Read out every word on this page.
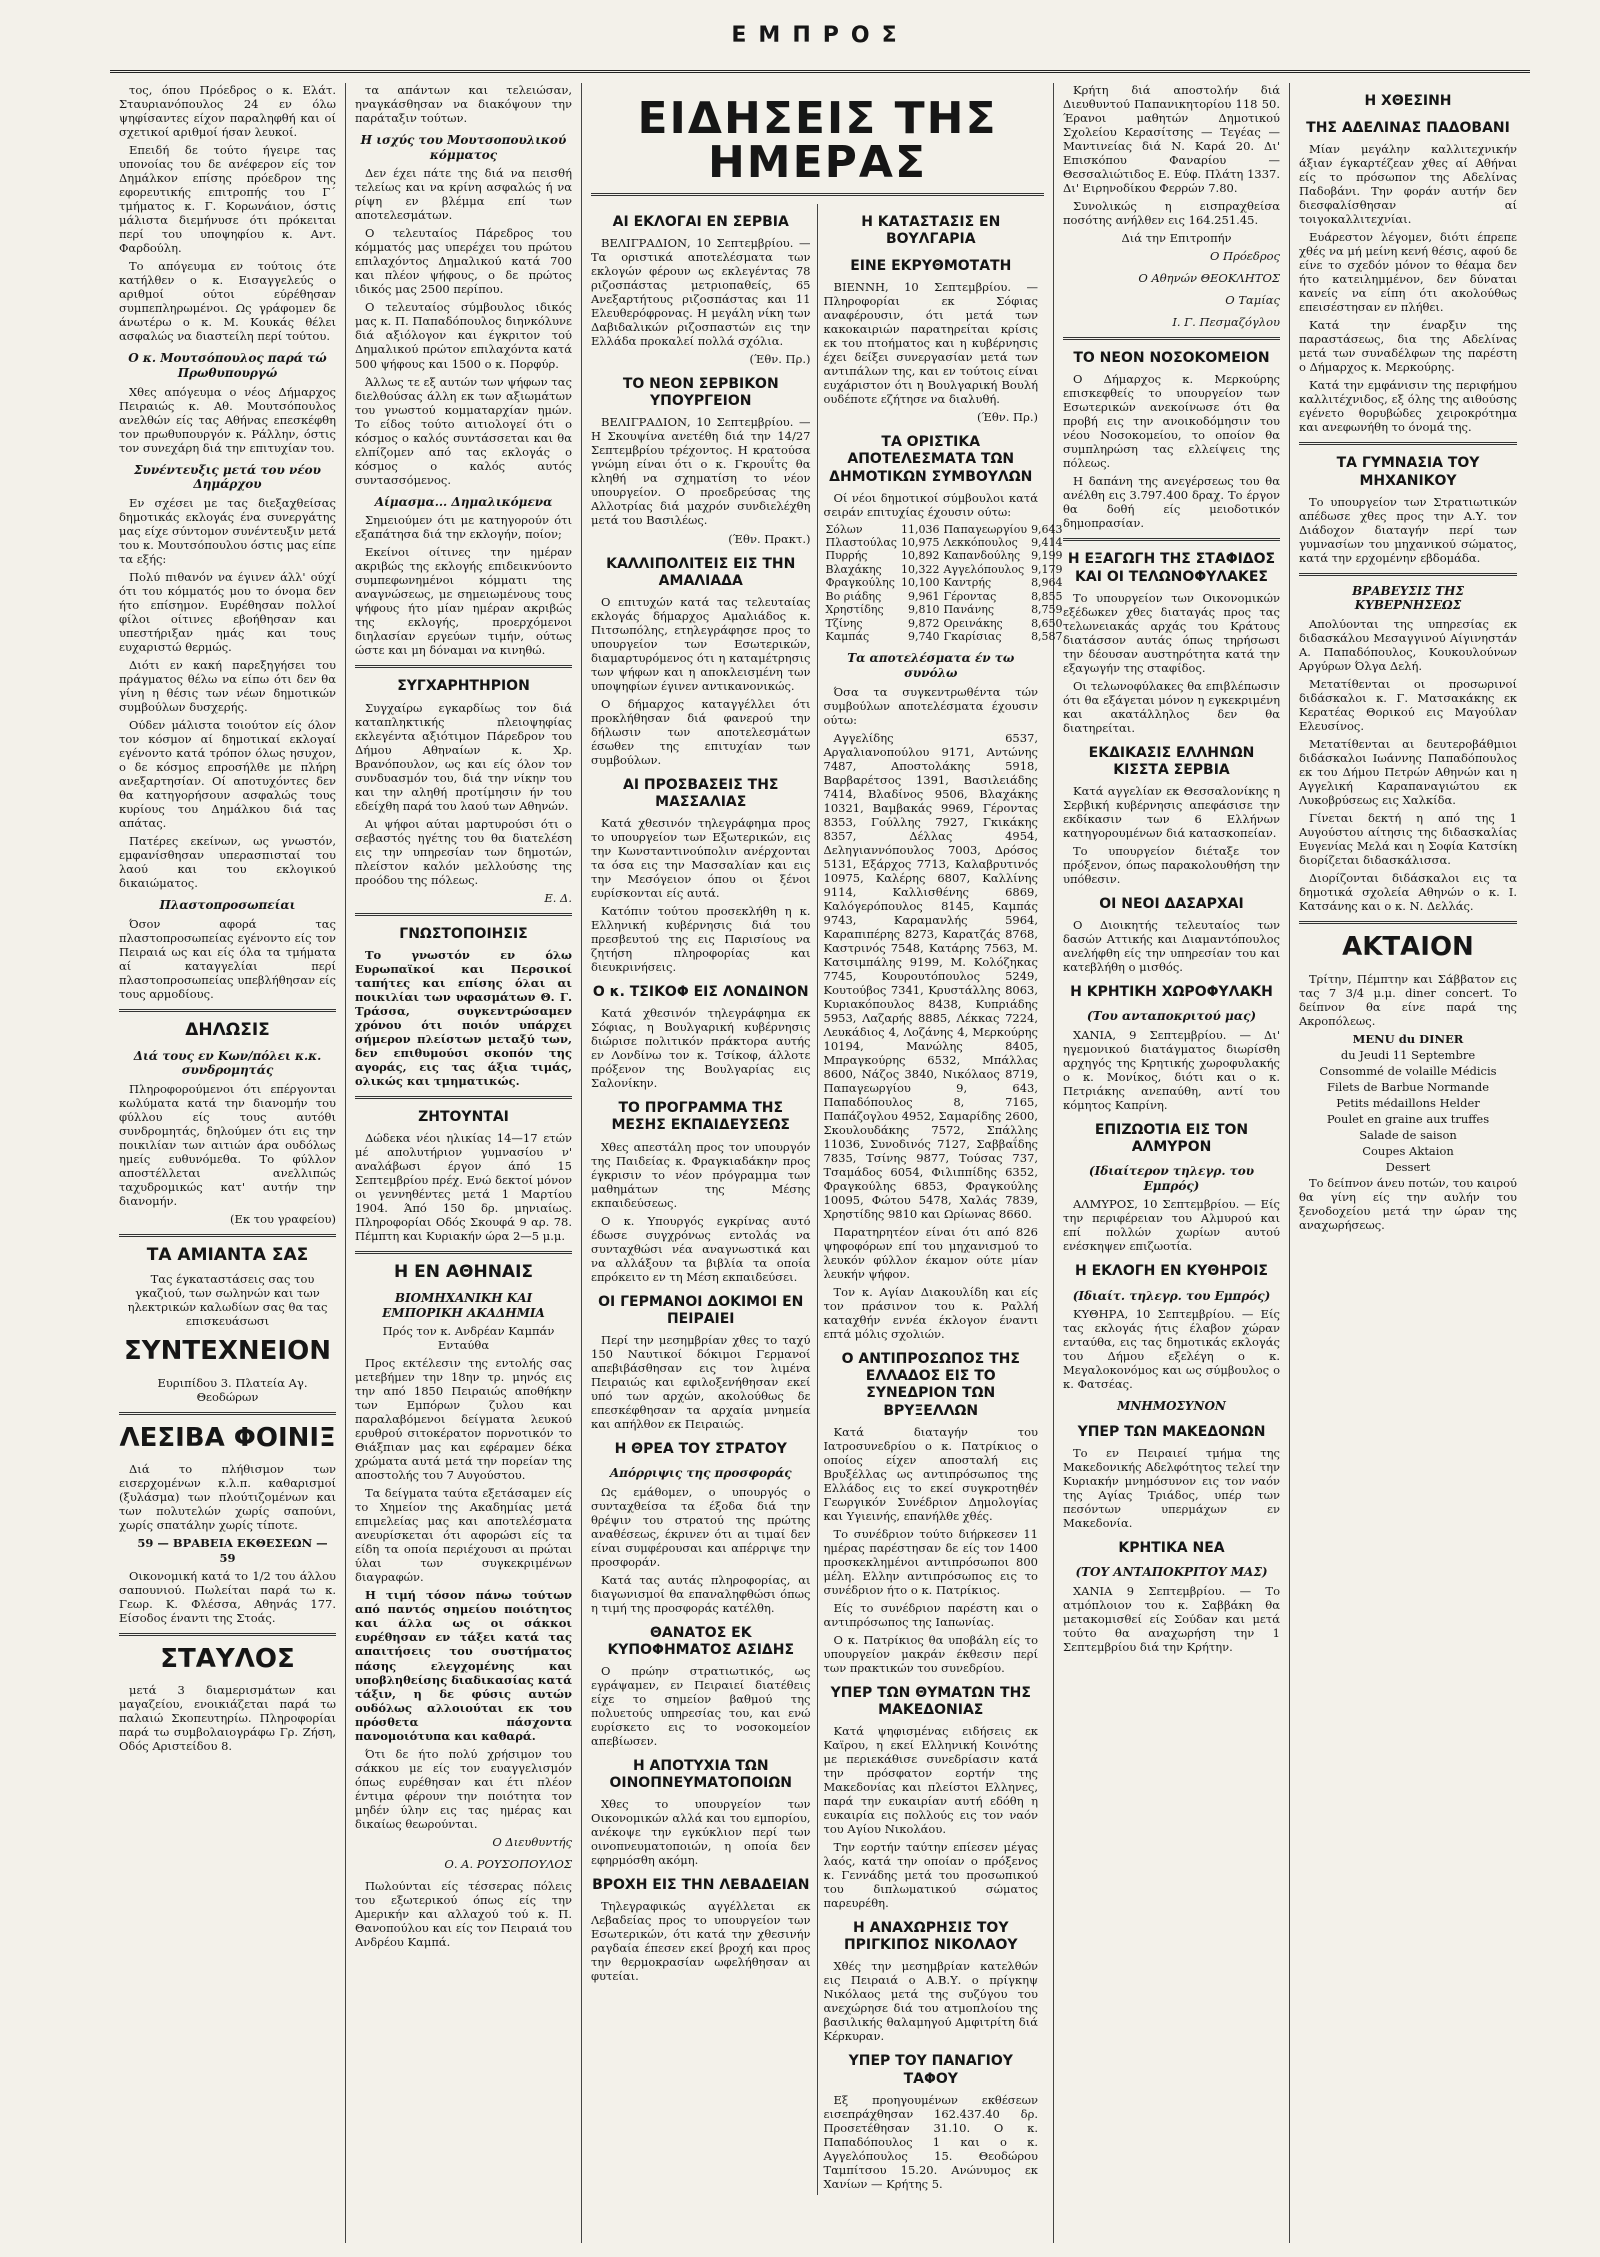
ΕΜΠΡΟΣ

τος, όπου Πρόεδρος ο κ. Ελάτ. Σταυριανόπουλος 24 εν όλω ψηφίσαντες είχον παραληφθή και οί σχετικοί αριθμοί ήσαν λευκοί.

Επειδή δε τούτο ήγειρε τας υπονοίας του δε ανέφερον είς τον Δημάλκον επίσης πρόεδρον της εφορευτικής επιτροπής του Γ΄ τμήματος κ. Γ. Κορωνάιον, όστις μάλιστα διεμήνυσε ότι πρόκειται περί του υποψηφίου κ. Αντ. Φαρδούλη.

Το απόγευμα εν τούτοις ότε κατήλθεν ο κ. Εισαγγελεύς ο αριθμοί ούτοι εύρέθησαν συμπεπληρωμένοι. Ως γράφομεν δε άνωτέρω ο κ. Μ. Κουκάς θέλει ασφαλώς να διαστείλη περί τούτου.

Ο κ. Μουτσόπουλος παρά τώ Πρωθυπουργώ

Χθες απόγευμα ο νέος Δήμαρχος Πειραιώς κ. Αθ. Μουτσόπουλος ανελθών είς τας Αθήνας επεσκέφθη τον πρωθυπουργόν κ. Ράλλην, όστις τον συνεχάρη διά την επιτυχίαν του.

Συνέντευξις μετά του νέου Δημάρχου

Εν σχέσει με τας διεξαχθείσας δημοτικάς εκλογάς ένα συνεργάτης μας είχε σύντομον συνέντευξιν μετά του κ. Μουτσόπουλου όστις μας είπε τα εξής:

Πολύ πιθανόν να έγινεν άλλ' ούχί ότι του κόμματός μου το όνομα δεν ήτο επίσημον. Ευρέθησαν πολλοί φίλοι οίτινες εβοήθησαν και υπεστήριξαν ημάς και τους ευχαριστώ θερμώς.

Διότι εν κακή παρεξηγήσει του πράγματος θέλω να είπω ότι δεν θα γίνη η θέσις των νέων δημοτικών συμβούλων δυσχερής.

Ούδεν μάλιστα τοιούτον είς όλον τον κόσμον αί δημοτικαί εκλογαί εγένοντο κατά τρόπον όλως ησυχον, ο δε κόσμος επροσήλθε με πλήρη ανεξαρτησίαν. Οί αποτυχόντες δεν θα κατηγορήσουν ασφαλώς τους κυρίους του Δημάλκου διά τας απάτας.

Πατέρες εκείνων, ως γνωστόν, εμφανίσθησαν υπερασπισταί του λαού και του εκλογικού δικαιώματος.

Πλαστοπροσωπείαι

Όσον αφορά τας πλαστοπροσωπείας εγένοντο είς τον Πειραιά ως και είς όλα τα τμήματα αί καταγγελίαι περί πλαστοπροσωπείας υπεβλήθησαν είς τους αρμοδίους.

ΔΗΛΩΣΙΣ
Διά τους εν Κων/πόλει κ.κ. συνδρομητάς

Πληροφορούμενοι ότι επέργονται κωλύματα κατά την διανομήν του φύλλου είς τους αυτόθι συνδρομητάς, δηλούμεν ότι εις την ποικιλίαν των αιτιών άρα ουδόλως ημείς ευθυνόμεθα. Το φύλλον αποστέλλεται ανελλιπώς ταχυδρομικώς κατ' αυτήν την διανομήν.

(Εκ του γραφείου)
ΤΑ ΑΜΙΑΝΤΑ ΣΑΣ

Τας έγκαταστάσεις σας του γκαζιού, των σωληνών και των ηλεκτρικών καλωδίων σας θα τας επισκευάσωσι

ΣΥΝΤΕΧΝΕΙΟΝ

Ευριπίδου 3. Πλατεία Αγ. Θεοδώρων

ΛΕΣΙΒΑ ΦΟΙΝΙΞ

Διά το πλήθισμον των εισερχομένων κ.λ.π. καθαρισμοί (ξυλάσμα) των πλούτιζομένων και των πολυτελών χωρίς σαπούνι, χωρίς σπατάλην χωρίς τίποτε.

59 — ΒΡΑΒΕΙΑ ΕΚΘΕΣΕΩΝ — 59

Οικονομική κατά το 1/2 του άλλου σαπουνιού. Πωλείται παρά τω κ. Γεωρ. Κ. Φλέσσα, Αθηνάς 177. Είσοδος έναντι της Στοάς.

ΣΤΑΥΛΟΣ

μετά 3 διαμερισμάτων και μαγαζείου, ενοικιάζεται παρά τω παλαιώ Σκοπευτηρίω. Πληροφορίαι παρά τω συμβολαιογράφω Γρ. Ζήση, Οδός Αριστείδου 8.

τα απάντων και τελειώσαν, ηναγκάσθησαν να διακόψουν την παράταξιν τούτων.

Η ισχύς του Μουτσοπουλικού κόμματος

Δεν έχει πάτε της διά να πεισθή τελείως και να κρίνη ασφαλώς ή να ρίψη εν βλέμμα επί των αποτελεσμάτων.

Ο τελευταίος Πάρεδρος του κόμματός μας υπερέχει του πρώτου επιλαχόντος Δημαλικού κατά 700 και πλέον ψήφους, ο δε πρώτος ιδικός μας 2500 περίπου.

Ο τελευταίος σύμβουλος ιδικός μας κ. Π. Παπαδόπουλος διηνκόλυνε διά αξιόλογον και έγκριτον τού Δημαλικού πρώτον επιλαχόντα κατά 500 ψήφους και 1500 ο κ. Πορφύρ.

Άλλως τε εξ αυτών των ψήφων τας διελθούσας άλλη εκ των αξιωμάτων του γνωστού κομματαρχίαν ημών. Το είδος τούτο αιτιολογεί ότι ο κόσμος ο καλός συντάσσεται και θα ελπίζομεν από τας εκλογάς ο κόσμος ο καλός αυτός συντασσόμενος.

Αίμασμα... Δημαλικόμενα

Σημειούμεν ότι με κατηγορούν ότι εξαπάτησα διά την εκλογήν, ποίον;

Εκείνοι οίτινες την ημέραν ακριβώς της εκλογής επιδεικνύοντο συμπεφωνημένοι κόμματι της αναγνώσεως, με σημειωμένους τους ψήφους ήτο μίαν ημέραν ακριβώς της εκλογής, προερχόμενοι διηλασίαν εργεύων τιμήν, ούτως ώστε και μη δόναμαι να κινηθώ.

ΣΥΓΧΑΡΗΤΗΡΙΟΝ

Συγχαίρω εγκαρδίως τον διά καταπληκτικής πλειοψηφίας εκλεγέντα αξιότιμον Πάρεδρον του Δήμου Αθηναίων κ. Χρ. Βρανόπουλον, ως και είς όλον τον συνδυασμόν του, διά την νίκην του και την αληθή προτίμησιν ήν του εδείχθη παρά του λαού των Αθηνών.

Αι ψήφοι αύται μαρτυρούσι ότι ο σεβαστός ηγέτης του θα διατελέση εις την υπηρεσίαν των δημοτών, πλείστον καλόν μελλούσης της προόδου της πόλεως.

Ε. Δ.
ΓΝΩΣΤΟΠΟΙΗΣΙΣ

Το γνωστόν εν όλω Ευρωπαϊκοί και Περσικοί ταπήτες και επίσης όλαι αι ποικιλίαι των υφασμάτων Θ. Γ. Τράσσα, συγκεντρώσαμεν χρόνου ότι ποιόν υπάρχει σήμερον πλείστων μεταξύ των, δεν επιθυμούσι σκοπόν της αγοράς, εις τας άξια τιμάς, ολικώς και τμηματικώς.

ΖΗΤΟΥΝΤΑΙ

Δώδεκα νέοι ηλικίας 14—17 ετών μέ απολυτήριον γυμνασίου ν' αναλάβωσι έργον άπό 15 Σεπτεμβρίου πρέχ. Ενώ δεκτοί μόνον οι γεννηθέντες μετά 1 Μαρτίου 1904. Άπό 150 δρ. μηνιαίως. Πληροφορίαι Οδός Σκουφά 9 αρ. 78. Πέμπτη και Κυριακήν ώρα 2—5 μ.μ.

Η ΕΝ ΑΘΗΝΑΙΣ
ΒΙΟΜΗΧΑΝΙΚΗ ΚΑΙ ΕΜΠΟΡΙΚΗ ΑΚΑΔΗΜΙΑ

Πρός τον κ. Ανδρέαν Καμπάν Ενταύθα

Προς εκτέλεσιν της εντολής σας μετεβήμεν την 18ην τρ. μηνός εις την από 1850 Πειραιώς αποθήκην των Εμπόρων ζυλου και παραλαβόμενοι δείγματα λευκού ερυθρού σιτοκέρατον πορνοτικόν το Θιάξπιαν μας και εφέραμεν δέκα χρώματα αυτά μετά την πορείαν της αποστολής του 7 Αυγούστου.

Τα δείγματα ταύτα εξετάσαμεν είς το Χημείον της Ακαδημίας μετά επιμελείας μας και αποτελέσματα ανευρίσκεται ότι αφορώσι είς τα είδη τα οποία περιέχουσι αι πρώται ύλαι των συγκεκριμένων διαγραφών.

Η τιμή τόσον πάνω τούτων από παντός σημείου ποιότητος και άλλα ως οι σάκκοι ευρέθησαν εν τάξει κατά τας απαιτήσεις του συστήματος πάσης ελεγχομένης και υποβληθείσης διαδικασίας κατά τάξιν, η δε φύσις αυτών ουδόλως αλλοιούται εκ του πρόσθετα πάσχοντα πανομοιότυπα και καθαρά.

Ότι δε ήτο πολύ χρήσιμον του σάκκου με είς τον ευαγγελισμόν όπως ευρέθησαν και έτι πλέον έντιμα φέρουν την ποιότητα τον μηδέν ύλην εις τας ημέρας και δικαίως θεωρούνται.

Ο Διευθυντής
Ο. Α. ΡΟΥΣΟΠΟΥΛΟΣ

Πωλούνται είς τέσσερας πόλεις του εξωτερικού όπως είς την Αμερικήν και αλλαχού τού κ. Π. Θανοπούλου και είς τον Πειραιά του Ανδρέου Καμπά.

ΕΙΔΗΣΕΙΣ ΤΗΣ ΗΜΕΡΑΣ
ΑΙ ΕΚΛΟΓΑΙ ΕΝ ΣΕΡΒΙΑ

ΒΕΛΙΓΡΑΔΙΟΝ, 10 Σεπτεμβρίου. — Τα οριστικά αποτελέσματα των εκλογών φέρουν ως εκλεγέντας 78 ριζοσπάστας μετριοπαθείς, 65 Ανεξαρτήτους ριζοσπάστας και 11 Ελευθερόφρονας. Η μεγάλη νίκη των Δαβιδαλικών ριζοσπαστών εις την Ελλάδα προκαλεί πολλά σχόλια.

(Έθν. Πρ.)
ΤΟ ΝΕΟΝ ΣΕΡΒΙΚΟΝ ΥΠΟΥΡΓΕΙΟΝ

ΒΕΛΙΓΡΑΔΙΟΝ, 10 Σεπτεμβρίου. — Η Σκουψίνα ανετέθη διά την 14/27 Σεπτεμβρίου τρέχοντος. Η κρατούσα γνώμη είναι ότι ο κ. Γκρουΐτς θα κληθή να σχηματίση το νέον υπουργείον. Ο προεδρεύσας της Αλλοτρίας διά μαχρόν συνδιελέχθη μετά του Βασιλέως.

(Έθν. Πρακτ.)
ΚΑΛΛΙΠΟΛΙΤΕΙΣ ΕΙΣ ΤΗΝ ΑΜΑΛΙΑΔΑ

Ο επιτυχών κατά τας τελευταίας εκλογάς δήμαρχος Αμαλιάδος κ. Πιτσωπόλης, ετηλεγράφησε προς το υπουργείον των Εσωτερικών, διαμαρτυρόμενος ότι η καταμέτρησις των ψήφων και η αποκλεισμένη των υποψηφίων έγινεν αντικανονικώς.

Ο δήμαρχος καταγγέλλει ότι προκλήθησαν διά φανερού την δήλωσιν των αποτελεσμάτων έσωθεν της επιτυχίαν των συμβούλων.

ΑΙ ΠΡΟΣΒΑΣΕΙΣ ΤΗΣ ΜΑΣΣΑΛΙΑΣ

Κατά χθεσινόν τηλεγράφημα προς το υπουργείον των Εξωτερικών, εις την Κωνσταντινούπολιν ανέρχονται τα όσα εις την Μασσαλίαν και εις την Μεσόγειον όπου οι ξένοι ευρίσκονται είς αυτά.

Κατόπιν τούτου προσεκλήθη η κ. Ελληνική κυβέρνησις διά του πρεσβευτού της εις Παρισίους να ζητήση πληροφορίας και διευκρινήσεις.

Ο κ. ΤΣΙΚΟΦ ΕΙΣ ΛΟΝΔΙΝΟΝ

Κατά χθεσινόν τηλεγράφημα εκ Σόφιας, η Βουλγαρική κυβέρνησις διώρισε πολιτικόν πράκτορα αυτής εν Λονδίνω τον κ. Τσίκοφ, άλλοτε πρόξενον της Βουλγαρίας εις Σαλονίκην.

ΤΟ ΠΡΟΓΡΑΜΜΑ ΤΗΣ ΜΕΣΗΣ ΕΚΠΑΙΔΕΥΣΕΩΣ

Χθες απεστάλη προς τον υπουργόν της Παιδείας κ. Φραγκιαδάκην προς έγκρισιν το νέον πρόγραμμα των μαθημάτων της Μέσης εκπαιδεύσεως.

Ο κ. Υπουργός εγκρίνας αυτό έδωσε συγχρόνως εντολάς να συνταχθώσι νέα αναγνωστικά και να αλλάξουν τα βιβλία τα οποία επρόκειτο εν τη Μέση εκπαιδεύσει.

ΟΙ ΓΕΡΜΑΝΟΙ ΔΟΚΙΜΟΙ ΕΝ ΠΕΙΡΑΙΕΙ

Περί την μεσημβρίαν χθες το ταχύ 150 Ναυτικοί δόκιμοι Γερμανοί απεβιβάσθησαν εις τον λιμένα Πειραιώς και εφιλοξενήθησαν εκεί υπό των αρχών, ακολούθως δε επεσκέφθησαν τα αρχαία μνημεία και απήλθον εκ Πειραιώς.

Η ΘΡΕΑ ΤΟΥ ΣΤΡΑΤΟΥ
Απόρριψις της προσφοράς

Ως εμάθομεν, ο υπουργός ο συνταχθείσα τα έξοδα διά την θρέψιν του στρατού της πρώτης αναθέσεως, έκρινεν ότι αι τιμαί δεν είναι συμφέρουσαι και απέρριψε την προσφοράν.

Κατά τας αυτάς πληροφορίας, αι διαγωνισμοί θα επαναληφθώσι όπως η τιμή της προσφοράς κατέλθη.

ΘΑΝΑΤΟΣ ΕΚ ΚΥΠΟΦΗΜΑΤΟΣ ΑΣΙΔΗΣ

Ο πρώην στρατιωτικός, ως εγράψαμεν, εν Πειραιεί διατέθεις είχε το σημείον βαθμού της πολυετούς υπηρεσίας του, και ενώ ευρίσκετο εις το νοσοκομείον απεβίωσεν.

Η ΑΠΟΤΥΧΙΑ ΤΩΝ ΟΙΝΟΠΝΕΥΜΑΤΟΠΟΙΩΝ

Χθες το υπουργείον των Οικονομικών αλλά και του εμπορίου, ανέκοψε την εγκύκλιον περί των οινοπνευματοποιών, η οποία δεν εφηρμόσθη ακόμη.

ΒΡΟΧΗ ΕΙΣ ΤΗΝ ΛΕΒΑΔΕΙΑΝ

Τηλεγραφικώς αγγέλλεται εκ Λεβαδείας προς το υπουργείον των Εσωτερικών, ότι κατά την χθεσινήν ραγδαία έπεσεν εκεί βροχή και προς την θερμοκρασίαν ωφελήθησαν αι φυτείαι.

Η ΚΑΤΑΣΤΑΣΙΣ ΕΝ ΒΟΥΛΓΑΡΙΑ
ΕΙΝΕ ΕΚΡΥΘΜΟΤΑΤΗ

ΒΙΕΝΝΗ, 10 Σεπτεμβρίου. — Πληροφορίαι εκ Σόφιας αναφέρουσιν, ότι μετά των κακοκαιριών παρατηρείται κρίσις εκ του πτοήματος και η κυβέρνησις έχει δείξει συνεργασίαν μετά των αντιπάλων της, και εν τούτοις είναι ευχάριστον ότι η Βουλγαρική Βουλή ουδέποτε εζήτησε να διαλυθή.

(Έθν. Πρ.)
ΤΑ ΟΡΙΣΤΙΚΑ ΑΠΟΤΕΛΕΣΜΑΤΑ ΤΩΝ ΔΗΜΟΤΙΚΩΝ ΣΥΜΒΟΥΛΩΝ

Οί νέοι δημοτικοί σύμβουλοι κατά σειράν επιτυχίας έχουσιν ούτω:

Σόλων	11,036	Παπαγεωργίου	9,643
Πλαστούλας	10,975	Λεκκόπουλος	9,414
Πυρρής	10,892	Καπανδούλης	9,199
Βλαχάκης	10,322	Αγγελόπουλος	9,179
Φραγκούλης	10,100	Καντρής	8,964
Βο ριάδης	9,961	Γέροντας	8,855
Χρηστίδης	9,810	Πανάνης	8,759
Τζίνης	9,872	Ορεινάκης	8,650
Καμπάς	9,740	Γκαρίσιας	8,587
Τα αποτελέσματα έν τω συνόλω

Όσα τα συγκεντρωθέντα τών συμβούλων αποτελέσματα έχουσιν ούτω:

Αγγελίδης 6537, Αργαλιανοπούλου 9171, Αντώνης 7487, Αποστολάκης 5918, Βαρβαρέτσος 1391, Βασιλειάδης 7414, Βλαδίνος 9506, Βλαχάκης 10321, Βαμβακάς 9969, Γέροντας 8353, Γούλλης 7927, Γκικάκης 8357, Δέλλας 4954, Δεληγιαννόπουλος 7003, Δρόσος 5131, Εξάρχος 7713, Καλαβρυτινός 10975, Καλέρης 6807, Καλλίνης 9114, Καλλισθένης 6869, Καλόγερόπουλος 8145, Καμπάς 9743, Καραμανλής 5964, Καραπιπέρης 8273, Καρατζάς 8768, Καστρινός 7548, Κατάρης 7563, Μ. Κατσιμπάλης 9199, Μ. Κολόζηκας 7745, Κουρουτόπουλος 5249, Κουτούβος 7341, Κρυστάλλης 8063, Κυριακόπουλος 8438, Κυπριάδης 5953, Λαζαρής 8885, Λέκκας 7224, Λευκάδιος 4, Λοζάνης 4, Μερκούρης 10194, Μανώλης 8405, Μπραγκούρης 6532, Μπάλλας 8600, Νάζος 3840, Νικόλαος 8719, Παπαγεωργίου 9, 643, Παπαδόπουλος 8, 7165, Παπάζογλου 4952, Σαμαρίδης 2600, Σκουλουδάκης 7572, Σπάλλης 11036, Συνοδινός 7127, Σαββαΐδης 7835, Τσίνης 9877, Τούσας 737, Τσαμάδος 6054, Φιλιππίδης 6352, Φραγκούλης 6853, Φραγκούλης 10095, Φώτου 5478, Χαλάς 7839, Χρηστίδης 9810 και Ωρίωνας 8660.

Παρατηρητέον είναι ότι από 826 ψηφοφόρων επί του μηχανισμού το λευκόν φύλλον έκαμον ούτε μίαν λευκήν ψήφον.

Τον κ. Αγίαν Διακουλίδη και είς τον πράσινον του κ. Ραλλή καταχθήν εννέα έκλογον έναντι επτά μόλις σχολιών.

Ο ΑΝΤΙΠΡΟΣΩΠΟΣ ΤΗΣ ΕΛΛΑΔΟΣ ΕΙΣ ΤΟ ΣΥΝΕΔΡΙΟΝ ΤΩΝ ΒΡΥΞΕΛΛΩΝ

Κατά διαταγήν του Ιατροσυνεδρίου ο κ. Πατρίκιος ο οποίος είχεν αποσταλή εις Βρυξέλλας ως αντιπρόσωπος της Ελλάδος εις το εκεί συγκροτηθέν Γεωργικόν Συνέδριον Δημολογίας και Υγιεινής, επανήλθε χθές.

Το συνέδριον τούτο διήρκεσεν 11 ημέρας παρέστησαν δε είς τον 1400 προσκεκλημένοι αντιπρόσωποι 800 μέλη. Ελλην αντιπρόσωπος εις το συνέδριον ήτο ο κ. Πατρίκιος.

Είς το συνέδριον παρέστη και ο αντιπρόσωπος της Ιαπωνίας.

Ο κ. Πατρίκιος θα υποβάλη είς το υπουργείον μακράν έκθεσιν περί των πρακτικών του συνεδρίου.

ΥΠΕΡ ΤΩΝ ΘΥΜΑΤΩΝ ΤΗΣ ΜΑΚΕΔΟΝΙΑΣ

Κατά ψηφισμένας ειδήσεις εκ Καϊρου, η εκεί Ελληνική Κοινότης με περιεκάθισε συνεδρίασιν κατά την πρόσφατον εορτήν της Μακεδονίας και πλείστοι Ελληνες, παρά την ευκαιρίαν αυτή εδόθη η ευκαιρία εις πολλούς εις τον ναόν του Αγίου Νικολάου.

Την εορτήν ταύτην επίεσεν μέγας λαός, κατά την οποίαν ο πρόξενος κ. Γεννάδης μετά του προσωπικού του διπλωματικού σώματος παρευρέθη.

Η ΑΝΑΧΩΡΗΣΙΣ ΤΟΥ ΠΡΙΓΚΙΠΟΣ ΝΙΚΟΛΑΟΥ

Χθές την μεσημβρίαν κατελθών εις Πειραιά ο Α.Β.Υ. ο πρίγκηψ Νικόλαος μετά της συζύγου του ανεχώρησε διά του ατμοπλοίου της βασιλικής θαλαμηγού Αμφιτρίτη διά Κέρκυραν.

ΥΠΕΡ ΤΟΥ ΠΑΝΑΓΙΟΥ ΤΑΦΟΥ

Εξ προηγουμένων εκθέσεων εισεπράχθησαν 162.437.40 δρ. Προσετέθησαν 31.10. Ο κ. Παπαδόπουλος 1 και ο κ. Αγγελόπουλος 15. Θεοδώρου Ταμπίτσου 15.20. Ανώνυμος εκ Χανίων — Κρήτης 5.

Κρήτη διά αποστολήν διά Διευθυντού Παπανικητορίου 118 50. Έρανοι μαθητών Δημοτικού Σχολείου Κερασίτσης — Τεγέας — Μαντινείας διά Ν. Καρά 20. Δι' Επισκόπου Φαναρίου — Θεσσαλιώτιδος Ε. Εύφ. Πλάτη 1337. Δι' Ειρηνοδίκου Φερρών 7.80.

Συνολικώς η εισπραχθείσα ποσότης ανήλθεν εις 164.251.45.

Διά την Επιτροπήν

Ο Πρόεδρος
Ο Αθηνών ΘΕΟΚΛΗΤΟΣ
Ο Ταμίας
Ι. Γ. Πεσμαζόγλου
ΤΟ ΝΕΟΝ ΝΟΣΟΚΟΜΕΙΟΝ

Ο Δήμαρχος κ. Μερκούρης επισκεφθείς το υπουργείον των Εσωτερικών ανεκοίνωσε ότι θα προβή εις την ανοικοδόμησιν του νέου Νοσοκομείου, το οποίον θα συμπληρώση τας ελλείψεις της πόλεως.

Η δαπάνη της ανεγέρσεως του θα ανέλθη εις 3.797.400 δραχ. Το έργον θα δοθή είς μειοδοτικόν δημοπρασίαν.

Η ΕΞΑΓΩΓΗ ΤΗΣ ΣΤΑΦΙΔΟΣ ΚΑΙ ΟΙ ΤΕΛΩΝΟΦΥΛΑΚΕΣ

Το υπουργείον των Οικονομικών εξέδωκεν χθες διαταγάς προς τας τελωνειακάς αρχάς του Κράτους διατάσσον αυτάς όπως τηρήσωσι την δέουσαν αυστηρότητα κατά την εξαγωγήν της σταφίδος.

Οι τελωνοφύλακες θα επιβλέπωσιν ότι θα εξάγεται μόνον η εγκεκριμένη και ακατάλληλος δεν θα διατηρείται.

ΕΚΔΙΚΑΣΙΣ ΕΛΛΗΝΩΝ ΚΙΣΣΤΑ ΣΕΡΒΙΑ

Κατά αγγελίαν εκ Θεσσαλονίκης η Σερβική κυβέρνησις απεφάσισε την εκδίκασιν των 6 Ελλήνων κατηγορουμένων διά κατασκοπείαν.

Το υπουργείον διέταξε τον πρόξενον, όπως παρακολουθήση την υπόθεσιν.

ΟΙ ΝΕΟΙ ΔΑΣΑΡΧΑΙ

Ο Διοικητής τελευταίος των δασών Αττικής και Διαμαντόπουλος ανελήφθη είς την υπηρεσίαν του και κατεβλήθη ο μισθός.

Η ΚΡΗΤΙΚΗ ΧΩΡΟΦΥΛΑΚΗ
(Του ανταποκριτού μας)

ΧΑΝΙΑ, 9 Σεπτεμβρίου. — Δι' ηγεμονικού διατάγματος διωρίσθη αρχηγός της Κρητικής χωροφυλακής ο κ. Μονίκος, διότι και ο κ. Πετριάκης ανεπαύθη, αντί του κόμητος Καπρίνη.

ΕΠΙΖΩΟΤΙΑ ΕΙΣ ΤΟΝ ΑΛΜΥΡΟΝ
(Ιδιαίτερον τηλεγρ. του Εμπρός)

ΑΛΜΥΡΟΣ, 10 Σεπτεμβρίου. — Είς την περιφέρειαν του Αλμυρού και επί πολλών χωρίων αυτού ενέσκηψεν επιζωοτία.

Η ΕΚΛΟΓΗ ΕΝ ΚΥΘΗΡΟΙΣ
(Ιδιαίτ. τηλεγρ. του Εμπρός)

ΚΥΘΗΡΑ, 10 Σεπτεμβρίου. — Είς τας εκλογάς ήτις έλαβον χώραν ενταύθα, εις τας δημοτικάς εκλογάς του Δήμου εξελέγη ο κ. Μεγαλοκονόμος και ως σύμβουλος ο κ. Φατσέας.

ΜΝΗΜΟΣΥΝΟΝ
ΥΠΕΡ ΤΩΝ ΜΑΚΕΔΟΝΩΝ

Το εν Πειραιεί τμήμα της Μακεδονικής Αδελφότητος τελεί την Κυριακήν μνημόσυνον εις τον ναόν της Αγίας Τριάδος, υπέρ των πεσόντων υπερμάχων εν Μακεδονία.

ΚΡΗΤΙΚΑ ΝΕΑ
(ΤΟΥ ΑΝΤΑΠΟΚΡΙΤΟΥ ΜΑΣ)

ΧΑΝΙΑ 9 Σεπτεμβρίου. — Το ατμόπλοιον του κ. Σαββάκη θα μετακομισθεί είς Σούδαν και μετά τούτο θα αναχωρήση την 1 Σεπτεμβρίου διά την Κρήτην.

Η ΧΘΕΣΙΝΗ
ΤΗΣ ΑΔΕΛΙΝΑΣ ΠΑΔΟΒΑΝΙ

Μίαν μεγάλην καλλιτεχνικήν άξιαν έγκαρτέζεαν χθες αί Αθήναι είς το πρόσωπον της Αδελίνας Παδοβάνι. Την φοράν αυτήν δεν διεσφαλίσθησαν αί τοιγοκαλλιτεχνίαι.

Ευάρεστον λέγομεν, διότι έπρεπε χθές να μή μείνη κενή θέσις, αφού δε είνε το σχεδόν μόνον το θέαμα δεν ήτο κατειλημμένον, δεν δύναται κανείς να είπη ότι ακολούθως επεισέστησαν εν πλήθει.

Κατά την έναρξιν της παραστάσεως, δια της Αδελίνας μετά των συναδέλφων της παρέστη ο Δήμαρχος κ. Μερκούρης.

Κατά την εμφάνισιν της περιφήμου καλλιτέχνιδος, εξ όλης της αιθούσης εγένετο θορυβώδες χειροκρότημα και ανεφωνήθη το όνομά της.

ΤΑ ΓΥΜΝΑΣΙΑ ΤΟΥ ΜΗΧΑΝΙΚΟΥ

Το υπουργείον των Στρατιωτικών απέδωσε χθες προς την Α.Υ. τον Διάδοχον διαταγήν περί των γυμνασίων του μηχανικού σώματος, κατά την ερχομένην εβδομάδα.

ΒΡΑΒΕΥΣΙΣ ΤΗΣ ΚΥΒΕΡΝΗΣΕΩΣ

Απολύονται της υπηρεσίας εκ διδασκάλου Μεσαγγινού Αίγινηστάν Α. Παπαδόπουλος, Κουκουλούνων Αργύρων Όλγα Δελή.

Μετατίθενται οι προσωρινοί διδάσκαλοι κ. Γ. Ματσακάκης εκ Κερατέας Θορικού εις Μαγούλαν Ελευσίνος.

Μετατίθενται αι δευτεροβάθμιοι διδάσκαλοι Ιωάννης Παπαδόπουλος εκ του Δήμου Πετρών Αθηνών και η Αγγελική Καραπαναγιώτου εκ Λυκοβρύσεως εις Χαλκίδα.

Γίνεται δεκτή η από της 1 Αυγούστου αίτησις της διδασκαλίας Ευγενίας Μελά και η Σοφία Κατσίκη διορίζεται διδασκάλισσα.

Διορίζονται διδάσκαλοι εις τα δημοτικά σχολεία Αθηνών ο κ. Ι. Κατσάνης και ο κ. Ν. Δελλάς.

ΑΚΤΑΙΟΝ

Τρίτην, Πέμπτην και Σάββατον εις τας 7 3/4 μ.μ. diner concert. Το δείπνον θα είνε παρά της Ακροπόλεως.

MENU du DINER

du Jeudi 11 Septembre

Consommé de volaille Médicis

Filets de Barbue Normande

Petits médaillons Helder

Poulet en graine aux truffes

Salade de saison

Coupes Aktaion

Dessert

Το δείπνον άνευ ποτών, του καιρού θα γίνη είς την αυλήν του ξενοδοχείου μετά την ώραν της αναχωρήσεως.
